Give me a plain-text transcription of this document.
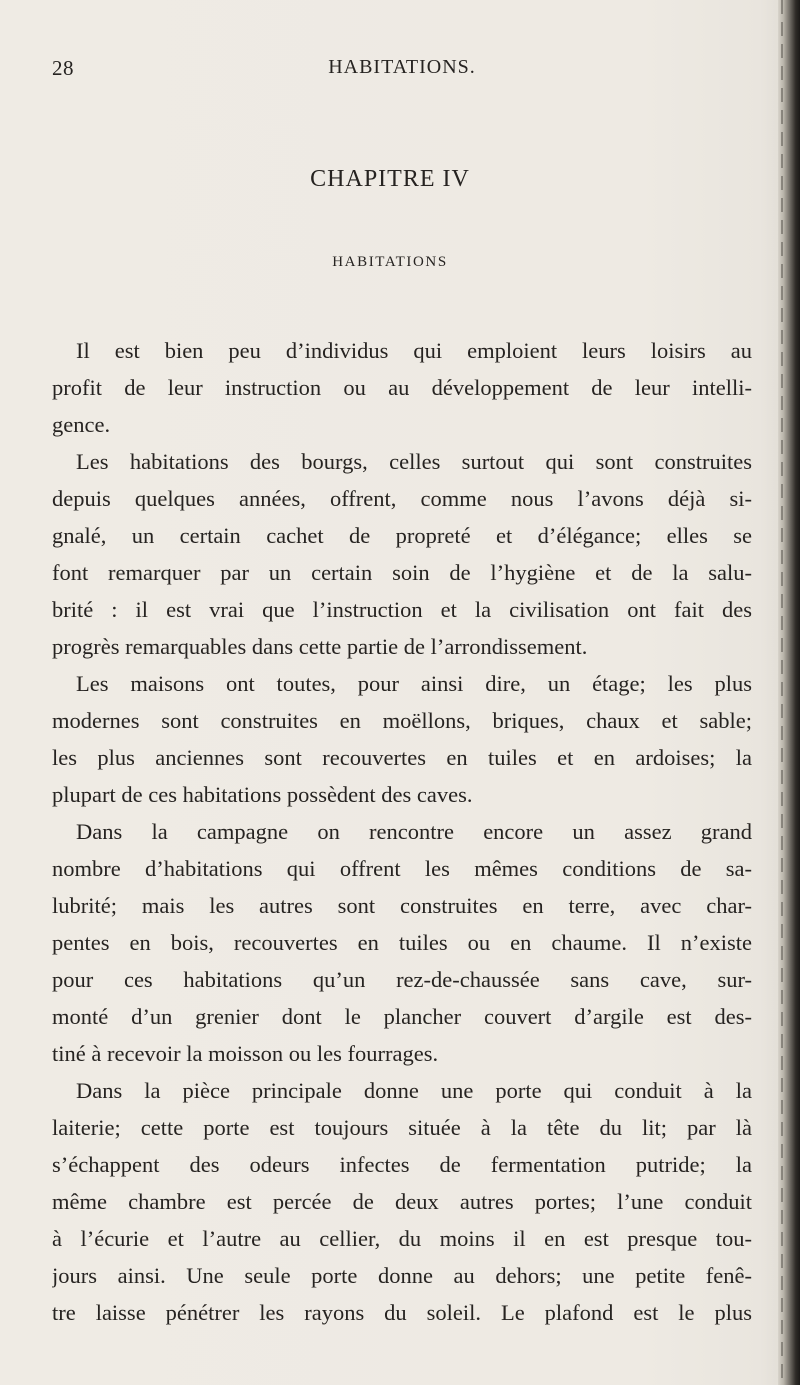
28	HABITATIONS.
CHAPITRE IV
HABITATIONS
Il est bien peu d’individus qui emploient leurs loisirs au
profit de leur instruction ou au développement de leur intelli-
gence.
Les habitations des bourgs, celles surtout qui sont construites
depuis quelques années, offrent, comme nous l’avons déjà si-
gnalé, un certain cachet de propreté et d’élégance; elles se
font remarquer par un certain soin de l’hygiène et de la salu-
brité : il est vrai que l’instruction et la civilisation ont fait des
progrès remarquables dans cette partie de l’arrondissement.
Les maisons ont toutes, pour ainsi dire, un étage; les plus
modernes sont construites en moëllons, briques, chaux et sable;
les plus anciennes sont recouvertes en tuiles et en ardoises; la
plupart de ces habitations possèdent des caves.
Dans la campagne on rencontre encore un assez grand
nombre d’habitations qui offrent les mêmes conditions de sa-
lubrité; mais les autres sont construites en terre, avec char-
pentes en bois, recouvertes en tuiles ou en chaume. Il n’existe
pour ces habitations qu’un rez-de-chaussée sans cave, sur-
monté d’un grenier dont le plancher couvert d’argile est des-
tiné à recevoir la moisson ou les fourrages.
Dans la pièce principale donne une porte qui conduit à la
laiterie; cette porte est toujours située à la tête du lit; par là
s’échappent des odeurs infectes de fermentation putride; la
même chambre est percée de deux autres portes; l’une conduit
à l’écurie et l’autre au cellier, du moins il en est presque tou-
jours ainsi. Une seule porte donne au dehors; une petite fenê-
tre laisse pénétrer les rayons du soleil. Le plafond est le plus
